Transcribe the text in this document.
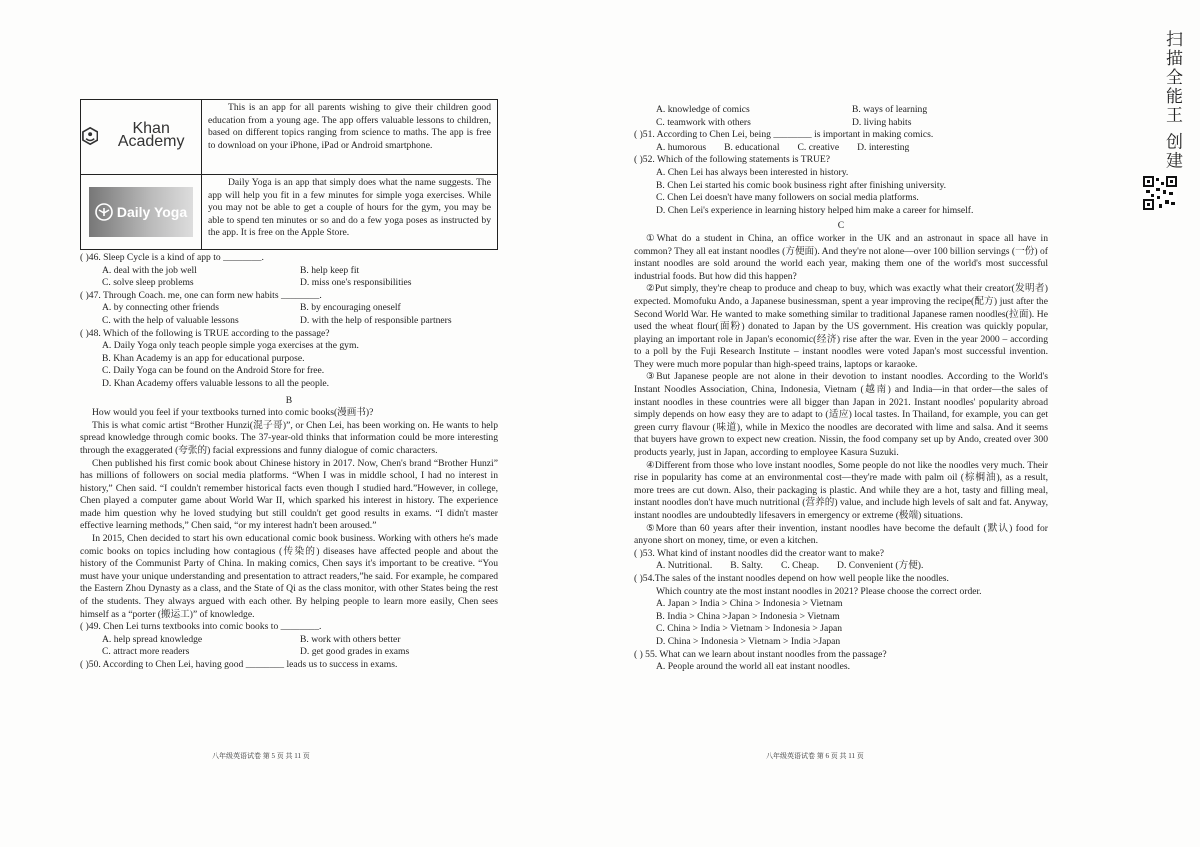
扫描全能王 创建
Khan Academy	This is an app for all parents wishing to give their children good education from a young age. The app offers valuable lessons to children, based on different topics ranging from science to maths. The app is free to download on your iPhone, iPad or Android smartphone.

Daily Yoga	Daily Yoga is an app that simply does what the name suggests. The app will help you fit in a few minutes for simple yoga exercises. While you may not be able to get a couple of hours for the gym, you may be able to spend ten minutes or so and do a few yoga poses as instructed by the app. It is free on the Apple Store.
( )46. Sleep Cycle is a kind of app to ________.
A. deal with the job well	B. help keep fit
C. solve sleep problems	D. miss one's responsibilities
( )47. Through Coach. me, one can form new habits ________.
A. by connecting other friends	B. by encouraging oneself
C. with the help of valuable lessons	D. with the help of responsible partners
( )48. Which of the following is TRUE according to the passage?
A. Daily Yoga only teach people simple yoga exercises at the gym.
B. Khan Academy is an app for educational purpose.
C. Daily Yoga can be found on the Android Store for free.
D. Khan Academy offers valuable lessons to all the people.
B

How would you feel if your textbooks turned into comic books(漫画书)?

This is what comic artist “Brother Hunzi(混子哥)”, or Chen Lei, has been working on. He wants to help spread knowledge through comic books. The 37-year-old thinks that information could be more interesting through the exaggerated (夸张的) facial expressions and funny dialogue of comic characters.

Chen published his first comic book about Chinese history in 2017. Now, Chen's brand “Brother Hunzi” has millions of followers on social media platforms. “When I was in middle school, I had no interest in history,” Chen said. “I couldn't remember historical facts even though I studied hard.”However, in college, Chen played a computer game about World War II, which sparked his interest in history. The experience made him question why he loved studying but still couldn't get good results in exams. “I didn't master effective learning methods,” Chen said, “or my interest hadn't been aroused.”

In 2015, Chen decided to start his own educational comic book business. Working with others he's made comic books on topics including how contagious (传染的) diseases have affected people and about the history of the Communist Party of China. In making comics, Chen says it's important to be creative. “You must have your unique understanding and presentation to attract readers,”he said. For example, he compared the Eastern Zhou Dynasty as a class, and the State of Qi as the class monitor, with other States being the rest of the students. They always argued with each other. By helping people to learn more easily, Chen sees himself as a “porter (搬运工)” of knowledge.

( )49. Chen Lei turns textbooks into comic books to ________.
A. help spread knowledge	B. work with others better
C. attract more readers	D. get good grades in exams
( )50. According to Chen Lei, having good ________ leads us to success in exams.
八年级英语试卷 第 5 页 共 11 页
A. knowledge of comics	B. ways of learning
C. teamwork with others	D. living habits
( )51. According to Chen Lei, being ________ is important in making comics.
A. humorous B. educational C. creative D. interesting
( )52. Which of the following statements is TRUE?
A. Chen Lei has always been interested in history.
B. Chen Lei started his comic book business right after finishing university.
C. Chen Lei doesn't have many followers on social media platforms.
D. Chen Lei's experience in learning history helped him make a career for himself.
C

①What do a student in China, an office worker in the UK and an astronaut in space all have in common? They all eat instant noodles (方便面). And they're not alone—over 100 billion servings (一份) of instant noodles are sold around the world each year, making them one of the world's most successful industrial foods. But how did this happen?

②Put simply, they're cheap to produce and cheap to buy, which was exactly what their creator(发明者) expected. Momofuku Ando, a Japanese businessman, spent a year improving the recipe(配方) just after the Second World War. He wanted to make something similar to traditional Japanese ramen noodles(拉面). He used the wheat flour(面粉) donated to Japan by the US government. His creation was quickly popular, playing an important role in Japan's economic(经济) rise after the war. Even in the year 2000 – according to a poll by the Fuji Research Institute – instant noodles were voted Japan's most successful invention. They were much more popular than high-speed trains, laptops or karaoke.

③But Japanese people are not alone in their devotion to instant noodles. According to the World's Instant Noodles Association, China, Indonesia, Vietnam (越南) and India—in that order—the sales of instant noodles in these countries were all bigger than Japan in 2021. Instant noodles' popularity abroad simply depends on how easy they are to adapt to (适应) local tastes. In Thailand, for example, you can get green curry flavour (味道), while in Mexico the noodles are decorated with lime and salsa. And it seems that buyers have grown to expect new creation. Nissin, the food company set up by Ando, created over 300 products yearly, just in Japan, according to employee Kasura Suzuki.

④Different from those who love instant noodles, Some people do not like the noodles very much. Their rise in popularity has come at an environmental cost—they're made with palm oil (棕榈油), as a result, more trees are cut down. Also, their packaging is plastic. And while they are a hot, tasty and filling meal, instant noodles don't have much nutritional (营养的) value, and include high levels of salt and fat. Anyway, instant noodles are undoubtedly lifesavers in emergency or extreme (极端) situations.

⑤More than 60 years after their invention, instant noodles have become the default (默认) food for anyone short on money, time, or even a kitchen.

( )53. What kind of instant noodles did the creator want to make?
A. Nutritional. B. Salty. C. Cheap. D. Convenient (方便).
( )54.The sales of the instant noodles depend on how well people like the noodles.
Which country ate the most instant noodles in 2021? Please choose the correct order.
A. Japan > India > China > Indonesia > Vietnam
B. India > China >Japan > Indonesia > Vietnam
C. China > India > Vietnam > Indonesia > Japan
D. China > Indonesia > Vietnam > India >Japan
( ) 55. What can we learn about instant noodles from the passage?
A. People around the world all eat instant noodles.
八年级英语试卷 第 6 页 共 11 页
